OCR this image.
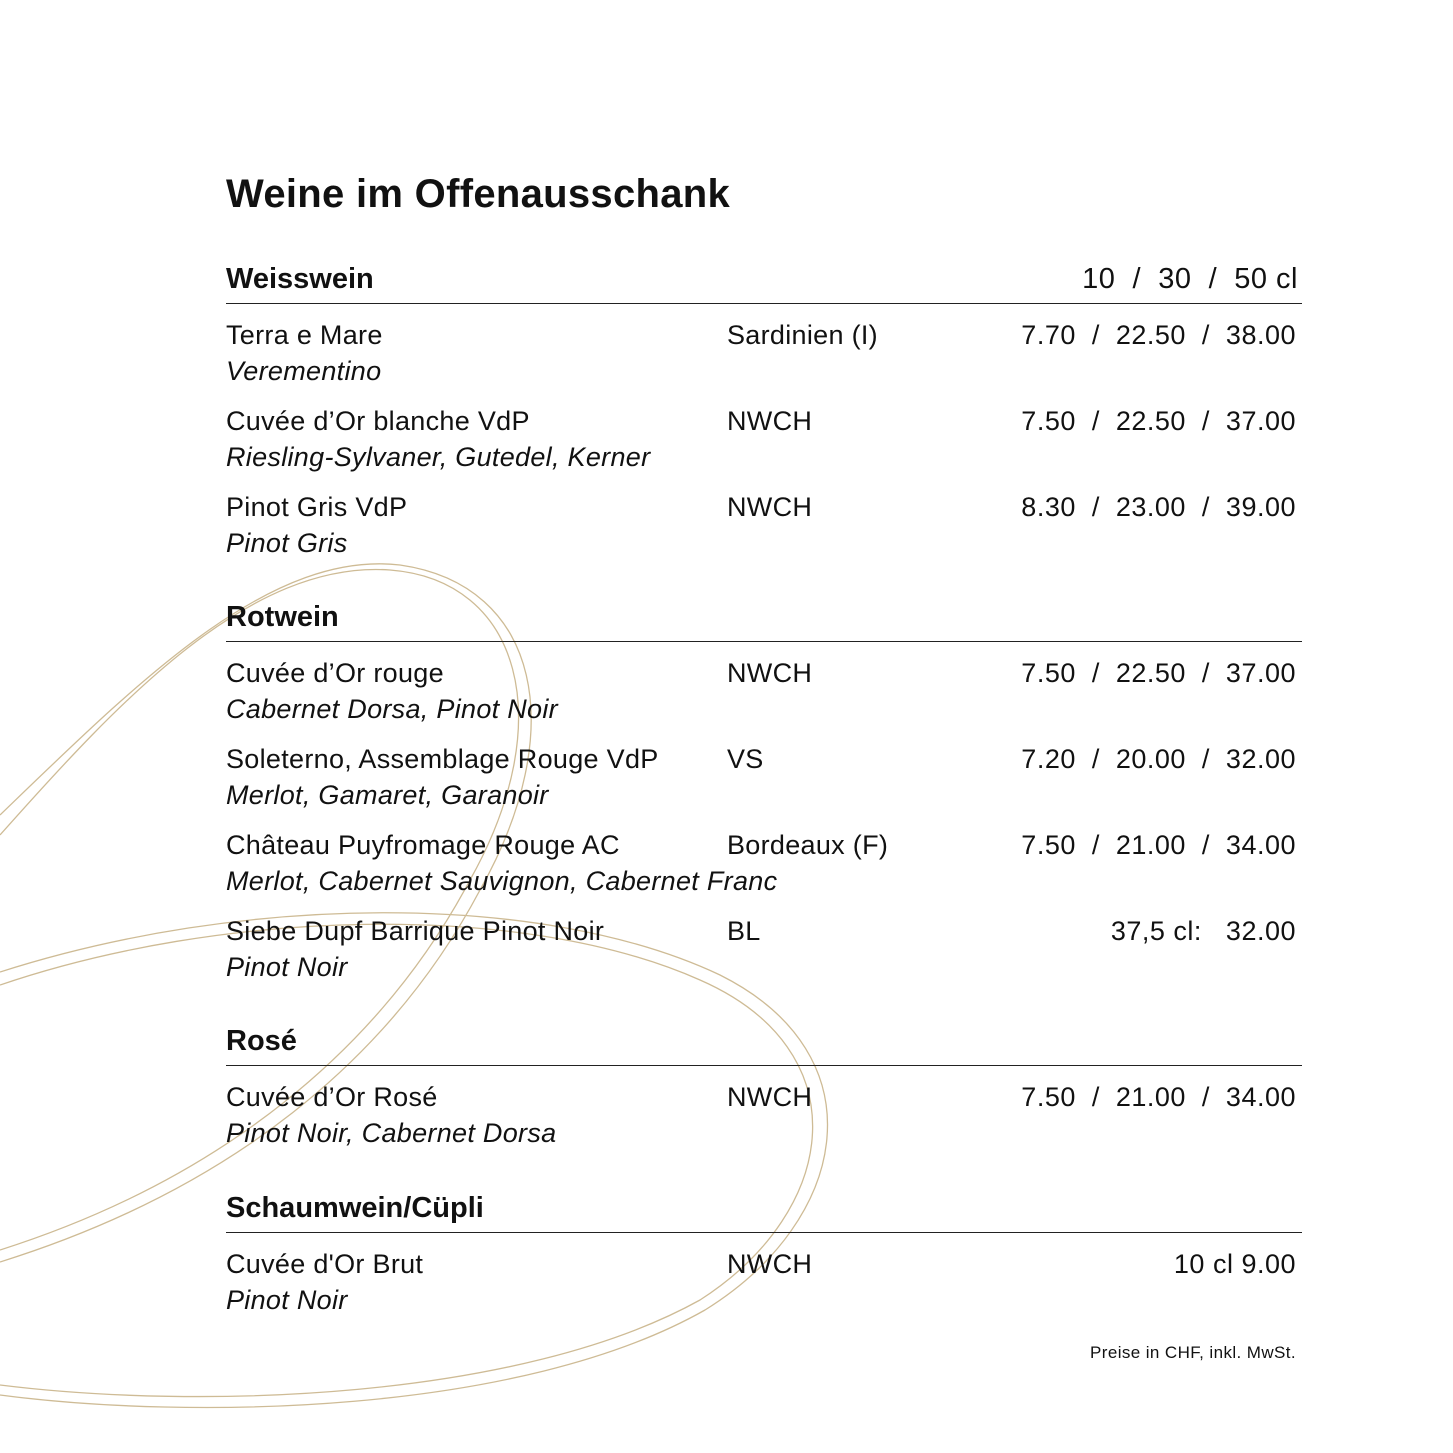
Weine im Offenausschank
Weisswein	10  /  30  /  50 cl
Terra e Mare
Verementino
Sardinien (I)	7.70  /  22.50  /  38.00
Cuvée d’Or blanche VdP
Riesling-Sylvaner, Gutedel, Kerner
NWCH	7.50  /  22.50  /  37.00
Pinot Gris VdP
Pinot Gris
NWCH	8.30  /  23.00  /  39.00
Rotwein
Cuvée d’Or rouge
Cabernet Dorsa, Pinot Noir
NWCH	7.50  /  22.50  /  37.00
Soleterno, Assemblage Rouge VdP
Merlot, Gamaret, Garanoir
VS	7.20  /  20.00  /  32.00
Château Puyfromage Rouge AC
Merlot, Cabernet Sauvignon, Cabernet Franc
Bordeaux (F)	7.50  /  21.00  /  34.00
Siebe Dupf Barrique Pinot Noir
Pinot Noir
BL	37,5 cl:   32.00
Rosé
Cuvée d’Or Rosé
Pinot Noir, Cabernet Dorsa
NWCH	7.50  /  21.00  /  34.00
Schaumwein/Cüpli
Cuvée d'Or Brut
Pinot Noir
NWCH	10 cl 9.00
Preise in CHF, inkl. MwSt.
